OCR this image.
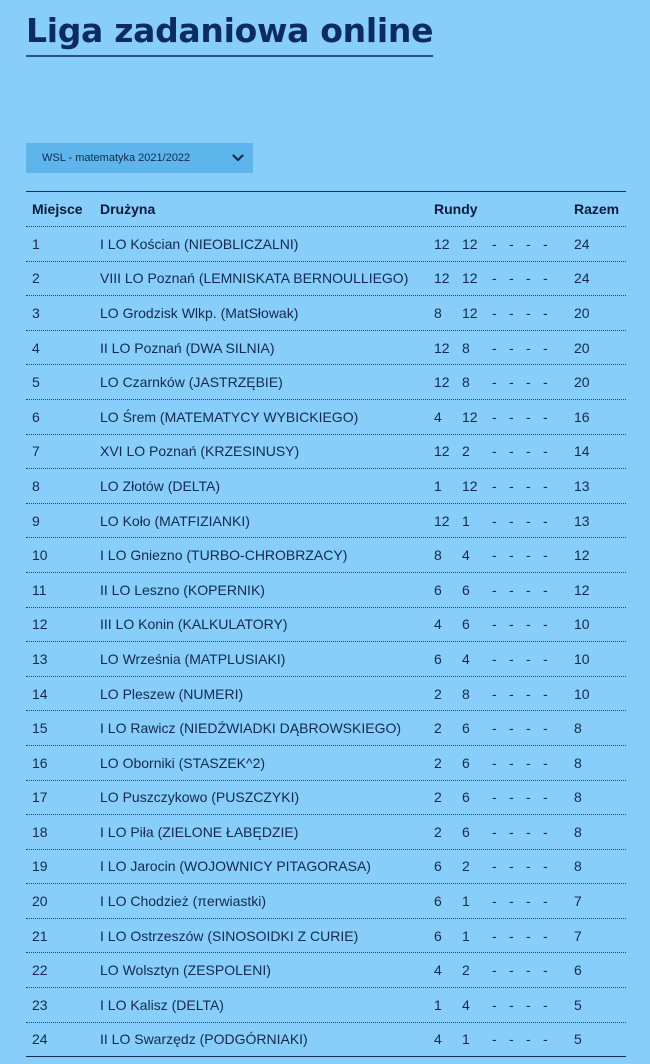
Liga zadaniowa online
WSL - matematyka 2021/2022
Miejsce	Drużyna	Rundy	Razem
1	I LO Kościan (NIEOBLICZALNI)	12 12	- - - -	24
2	VIII LO Poznań (LEMNISKATA BERNOULLIEGO)	12 12	- - - -	24
3	LO Grodzisk Wlkp. (MatSłowak)	8	12	- - - -	20
4	II LO Poznań (DWA SILNIA)	12 8	- - - -	20
5	LO Czarnków (JASTRZĘBIE)	12 8	- - - -	20
6	LO Śrem (MATEMATYCY WYBICKIEGO)	4	12	- - - -	16
7	XVI LO Poznań (KRZESINUSY)	12 2	- - - -	14
8	LO Złotów (DELTA)	1	12	- - - -	13
9	LO Koło (MATFIZIANKI)	12 1	- - - -	13
10	I LO Gniezno (TURBO-CHROBRZACY)	8	4	- - - -	12
11	II LO Leszno (KOPERNIK)	6	6	- - - -	12
12	III LO Konin (KALKULATORY)	4	6	- - - -	10
13	LO Września (MATPLUSIAKI)	6	4	- - - -	10
14	LO Pleszew (NUMERI)	2	8	- - - -	10
15	I LO Rawicz (NIEDŹWIADKI DĄBROWSKIEGO)	2	6	- - - -	8
16	LO Oborniki (STASZEK^2)	2	6	- - - -	8
17	LO Puszczykowo (PUSZCZYKI)	2	6	- - - -	8
18	I LO Piła (ZIELONE ŁABĘDZIE)	2	6	- - - -	8
19	I LO Jarocin (WOJOWNICY PITAGORASA)	6	2	- - - -	8
20	I LO Chodzież (πerwiastki)	6	1	- - - -	7
21	I LO Ostrzeszów (SINOSOIDKI Z CURIE)	6	1	- - - -	7
22	LO Wolsztyn (ZESPOLENI)	4	2	- - - -	6
23	I LO Kalisz (DELTA)	1	4	- - - -	5
24	II LO Swarzędz (PODGÓRNIAKI)	4	1	- - - -	5
